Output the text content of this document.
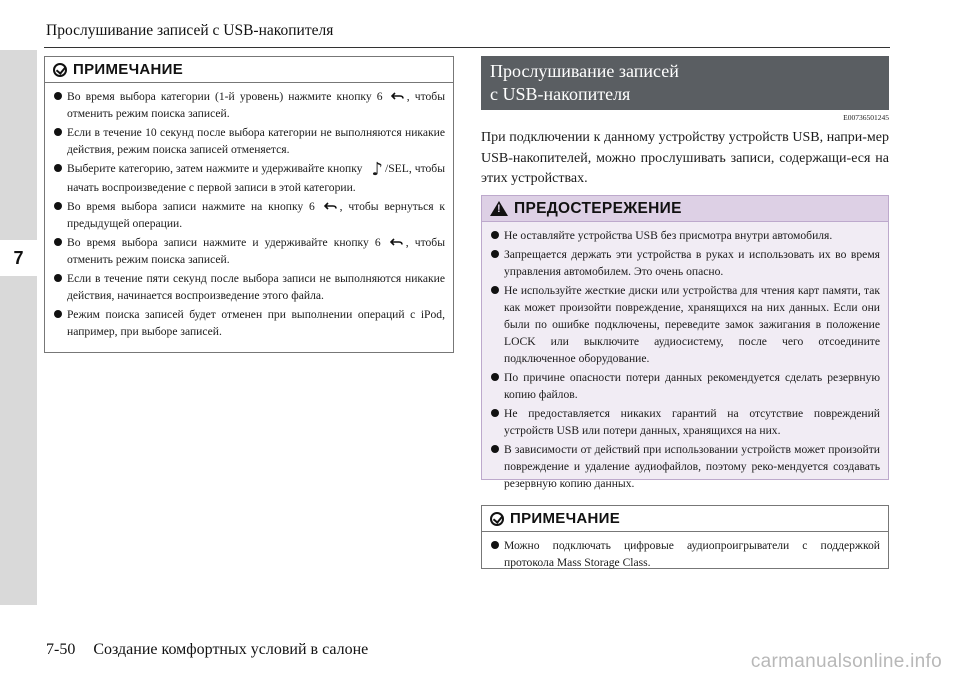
7
Прослушивание записей с USB-накопителя
ПРИМЕЧАНИЕ
Во время выбора категории (1-й уровень) нажмите кнопку 6 , чтобы отменить режим поиска записей.
Если в течение 10 секунд после выбора категории не выполняются никакие действия, режим поиска записей отменяется.
Выберите категорию, затем нажмите и удерживайте кнопку ♪ /SEL, чтобы начать воспроизведение с первой записи в этой категории.
Во время выбора записи нажмите на кнопку 6 , чтобы вернуться к предыдущей операции.
Во время выбора записи нажмите и удерживайте кнопку 6 , чтобы отменить режим поиска записей.
Если в течение пяти секунд после выбора записи не выполняются никакие действия, начинается воспроизведение этого файла.
Режим поиска записей будет отменен при выполнении операций с iPod, например, при выборе записей.
Прослушивание записей
с USB-накопителя
E00736501245
При подключении к данному устройству устройств USB, напри-мер USB-накопителей, можно прослушивать записи, содержащи-еся на этих устройствах.
!
ПРЕДОСТЕРЕЖЕНИЕ
Не оставляйте устройства USB без присмотра внутри автомобиля.
Запрещается держать эти устройства в руках и использовать их во время управления автомобилем. Это очень опасно.
Не используйте жесткие диски или устройства для чтения карт памяти, так как может произойти повреждение, хранящихся на них данных. Если они были по ошибке подключены, переведите замок зажигания в положение LOCK или выключите аудиосистему, после чего отсоедините подключенное оборудование.
По причине опасности потери данных рекомендуется сделать резервную копию файлов.
Не предоставляется никаких гарантий на отсутствие повреждений устройств USB или потери данных, хранящихся на них.
В зависимости от действий при использовании устройств может произойти повреждение и удаление аудиофайлов, поэтому реко-мендуется создавать резервную копию данных.
ПРИМЕЧАНИЕ
Можно подключать цифровые аудиопроигрыватели с поддержкой протокола Mass Storage Class.
7-50 Создание комфортных условий в салоне
carmanualsonline.info
